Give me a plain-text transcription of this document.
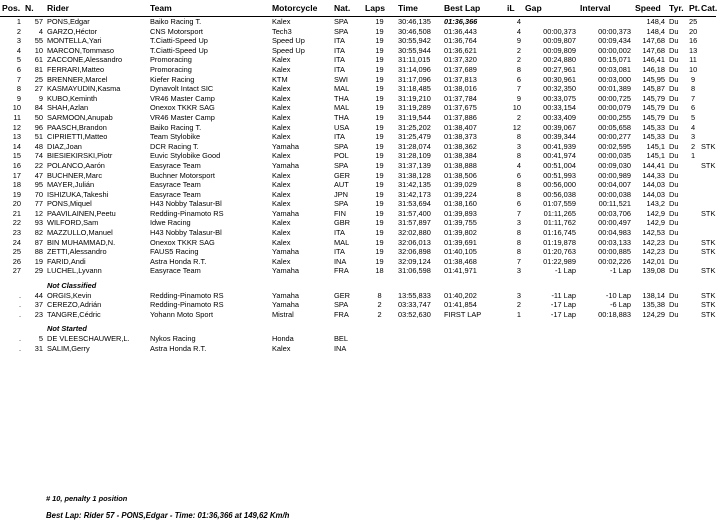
Pos.	N.	Rider	Team	Motorcycle	Nat.	Laps	Time	Best Lap	iL	Gap	Interval	Speed	Tyr.	Pt.	Cat.
1	57	PONS,Edgar	Baiko Racing T.	Kalex	SPA	19	30:46,135	01:36,366	4			148,4	Du	25	
2	4	GARZO,Héctor	CNS Motorsport	Tech3	SPA	19	30:46,508	01:36,443	4	00:00,373	00:00,373	148,4	Du	20	
3	55	MONTELLA,Yari	T.Ciatti-Speed Up	Speed Up	ITA	19	30:55,942	01:36,764	9	00:09,807	00:09,434	147,68	Du	16	
4	10	MARCON,Tommaso	T.Ciatti-Speed Up	Speed Up	ITA	19	30:55,944	01:36,621	2	00:09,809	00:00,002	147,68	Du	13	
5	61	ZACCONE,Alessandro	Promoracing	Kalex	ITA	19	31:11,015	01:37,320	2	00:24,880	00:15,071	146,41	Du	11	
6	81	FERRARI,Matteo	Promoracing	Kalex	ITA	19	31:14,096	01:37,689	8	00:27,961	00:03,081	146,18	Du	10	
7	25	BRENNER,Marcel	Kiefer Racing	KTM	SWI	19	31:17,096	01:37,813	6	00:30,961	00:03,000	145,95	Du	9	
8	27	KASMAYUDIN,Kasma	Dynavolt Intact SIC	Kalex	MAL	19	31:18,485	01:38,016	7	00:32,350	00:01,389	145,87	Du	8	
9	9	KUBO,Keminth	VR46 Master Camp	Kalex	THA	19	31:19,210	01:37,784	9	00:33,075	00:00,725	145,79	Du	7	
10	84	SHAH,Azlan	Onexox TKKR SAG	Kalex	MAL	19	31:19,289	01:37,675	10	00:33,154	00:00,079	145,79	Du	6	
11	50	SARMOON,Anupab	VR46 Master Camp	Kalex	THA	19	31:19,544	01:37,886	2	00:33,409	00:00,255	145,79	Du	5	
12	96	PAASCH,Brandon	Baiko Racing T.	Kalex	USA	19	31:25,202	01:38,407	12	00:39,067	00:05,658	145,33	Du	4	
13	51	CIPRIETTI,Matteo	Team Stylobike	Kalex	ITA	19	31:25,479	01:38,373	8	00:39,344	00:00,277	145,33	Du	3	
14	48	DIAZ,Joan	DCR Racing T.	Yamaha	SPA	19	31:28,074	01:38,362	3	00:41,939	00:02,595	145,1	Du	2	STK
15	74	BIESIEKIRSKI,Piotr	Euvic Stylobike Good	Kalex	POL	19	31:28,109	01:38,384	8	00:41,974	00:00,035	145,1	Du	1	
16	22	POLANCO,Aarón	Easyrace Team	Yamaha	SPA	19	31:37,139	01:38,888	4	00:51,004	00:09,030	144,41	Du		STK
17	47	BUCHNER,Marc	Buchner Motorsport	Kalex	GER	19	31:38,128	01:38,506	6	00:51,993	00:00,989	144,33	Du		
18	95	MAYER,Julián	Easyrace Team	Kalex	AUT	19	31:42,135	01:39,029	8	00:56,000	00:04,007	144,03	Du		
19	70	ISHIZUKA,Takeshi	Easyrace Team	Kalex	JPN	19	31:42,173	01:39,224	8	00:56,038	00:00,038	144,03	Du		
20	77	PONS,Miquel	H43 Nobby Talasur-Bl	Kalex	SPA	19	31:53,694	01:38,160	6	01:07,559	00:11,521	143,2	Du		
21	12	PAAVILAINEN,Peetu	Redding-Pinamoto RS	Yamaha	FIN	19	31:57,400	01:39,893	7	01:11,265	00:03,706	142,9	Du		STK
22	93	WILFORD,Sam	Idwe Racing	Kalex	GBR	19	31:57,897	01:39,755	3	01:11,762	00:00,497	142,9	Du		
23	82	MAZZULLO,Manuel	H43 Nobby Talasur-Bl	Kalex	ITA	19	32:02,880	01:39,802	8	01:16,745	00:04,983	142,53	Du		
24	87	BIN MUHAMMAD,N.	Onexox TKKR SAG	Kalex	MAL	19	32:06,013	01:39,691	8	01:19,878	00:03,133	142,23	Du		STK
25	88	ZETTI,Alessandro	FAUS5 Racing	Yamaha	ITA	19	32:06,898	01:40,105	8	01:20,763	00:00,885	142,23	Du		STK
26	19	FARID,Andi	Astra Honda R.T.	Kalex	INA	19	32:09,124	01:38,468	7	01:22,989	00:02,226	142,01	Du		
27	29	LUCHEL,Lyvann	Easyrace Team	Yamaha	FRA	18	31:06,598	01:41,971	3	-1 Lap	-1 Lap	139,08	Du		STK

		Not Classified													
.	44	ORGIS,Kevin	Redding-Pinamoto RS	Yamaha	GER	8	13:55,833	01:40,202	3	-11 Lap	-10 Lap	138,14	Du		STK
.	37	CEREZO,Adrián	Redding-Pinamoto RS	Yamaha	SPA	2	03:33,747	01:41,854	2	-17 Lap	-6 Lap	135,38	Du		STK
.	23	TANGRE,Cédric	Yohann Moto Sport	Mistral	FRA	2	03:52,630	FIRST LAP	1	-17 Lap	00:18,883	124,29	Du		STK

		Not Started													
.	5	DE VLEESCHAUWER,L.	Nykos Racing	Honda	BEL										
.	31	SALIM,Gerry	Astra Honda R.T.	Kalex	INA										
# 10, penalty 1 position
Best Lap: Rider 57 - PONS,Edgar - Time: 01:36,366 at 149,62 Km/h
